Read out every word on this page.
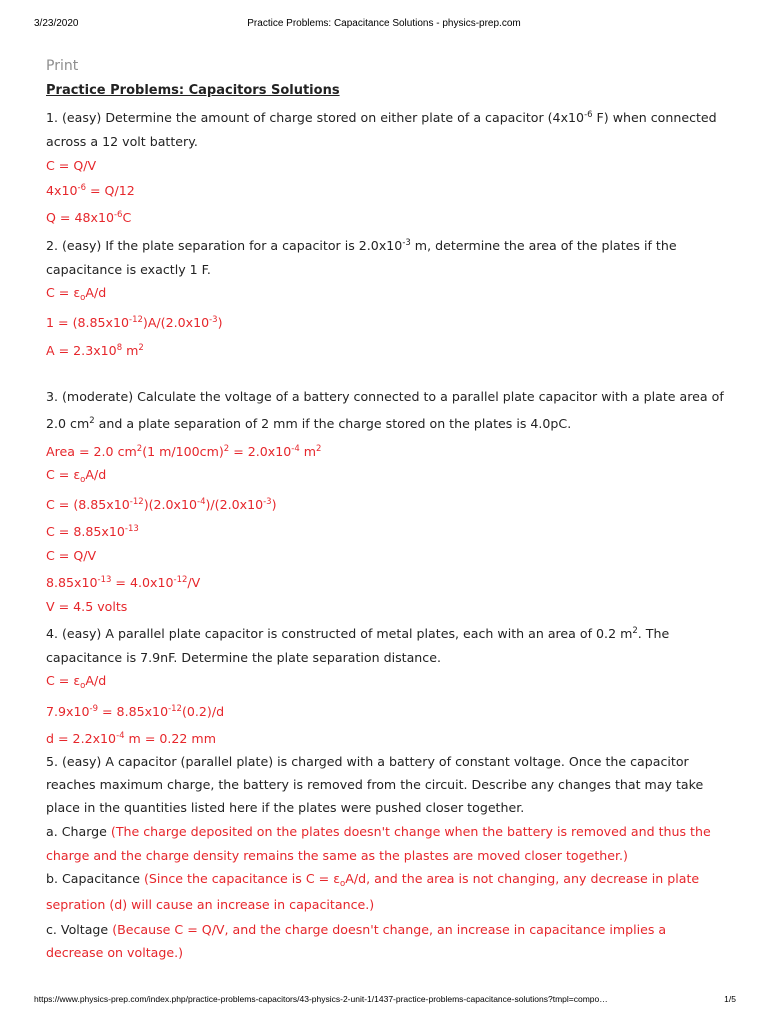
3/23/2020	Practice Problems: Capacitance Solutions - physics-prep.com
Print
Practice Problems: Capacitors Solutions
1. (easy) Determine the amount of charge stored on either plate of a capacitor ($4x10^{-6}$ F) when connected
across a 12 volt battery.
C = Q/V
$4x10^{-6} = Q/12$
$Q = 48x10^{-6}C$
2. (easy) If the plate separation for a capacitor is $2.0x10^{-3}$ m, determine the area of the plates if the
capacitance is exactly 1 F.
$C = \varepsilon_oA/d$
$1 = (8.85x10^{-12})A/(2.0x10^{-3})$
$A = 2.3x10^8$ $m^2$
3. (moderate) Calculate the voltage of a battery connected to a parallel plate capacitor with a plate area of
2.0 $cm^2$ and a plate separation of 2 mm if the charge stored on the plates is 4.0pC.
Area = 2.0 $cm^2(1$ $m/100cm)^2 = 2.0x10^{-4}$ $m^2$
$C = \varepsilon_oA/d$
$C = (8.85x10^{-12})(2.0x10^{-4})/(2.0x10^{-3})$
$C = 8.85x10^{-13}$
C = Q/V
$8.85x10^{-13} = 4.0x10^{-12}/V$
V = 4.5 volts
4. (easy) A parallel plate capacitor is constructed of metal plates, each with an area of 0.2 $m^2$. The
capacitance is 7.9nF. Determine the plate separation distance.
$C = \varepsilon_oA/d$
$7.9x10^{-9} = 8.85x10^{-12}(0.2)/d$
$d = 2.2x10^{-4}$ m = 0.22 mm
5. (easy) A capacitor (parallel plate) is charged with a battery of constant voltage. Once the capacitor
reaches maximum charge, the battery is removed from the circuit. Describe any changes that may take
place in the quantities listed here if the plates were pushed closer together.
a. Charge (The charge deposited on the plates doesn't change when the battery is removed and thus the
charge and the charge density remains the same as the plastes are moved closer together.)
b. Capacitance (Since the capacitance is $C = \varepsilon_oA/d$, and the area is not changing, any decrease in plate
sepration (d) will cause an increase in capacitance.)
c. Voltage (Because C = Q/V, and the charge doesn't change, an increase in capacitance implies a
decrease on voltage.)
https://www.physics-prep.com/index.php/practice-problems-capacitors/43-physics-2-unit-1/1437-practice-problems-capacitance-solutions?tmpl=compo…	1/5
